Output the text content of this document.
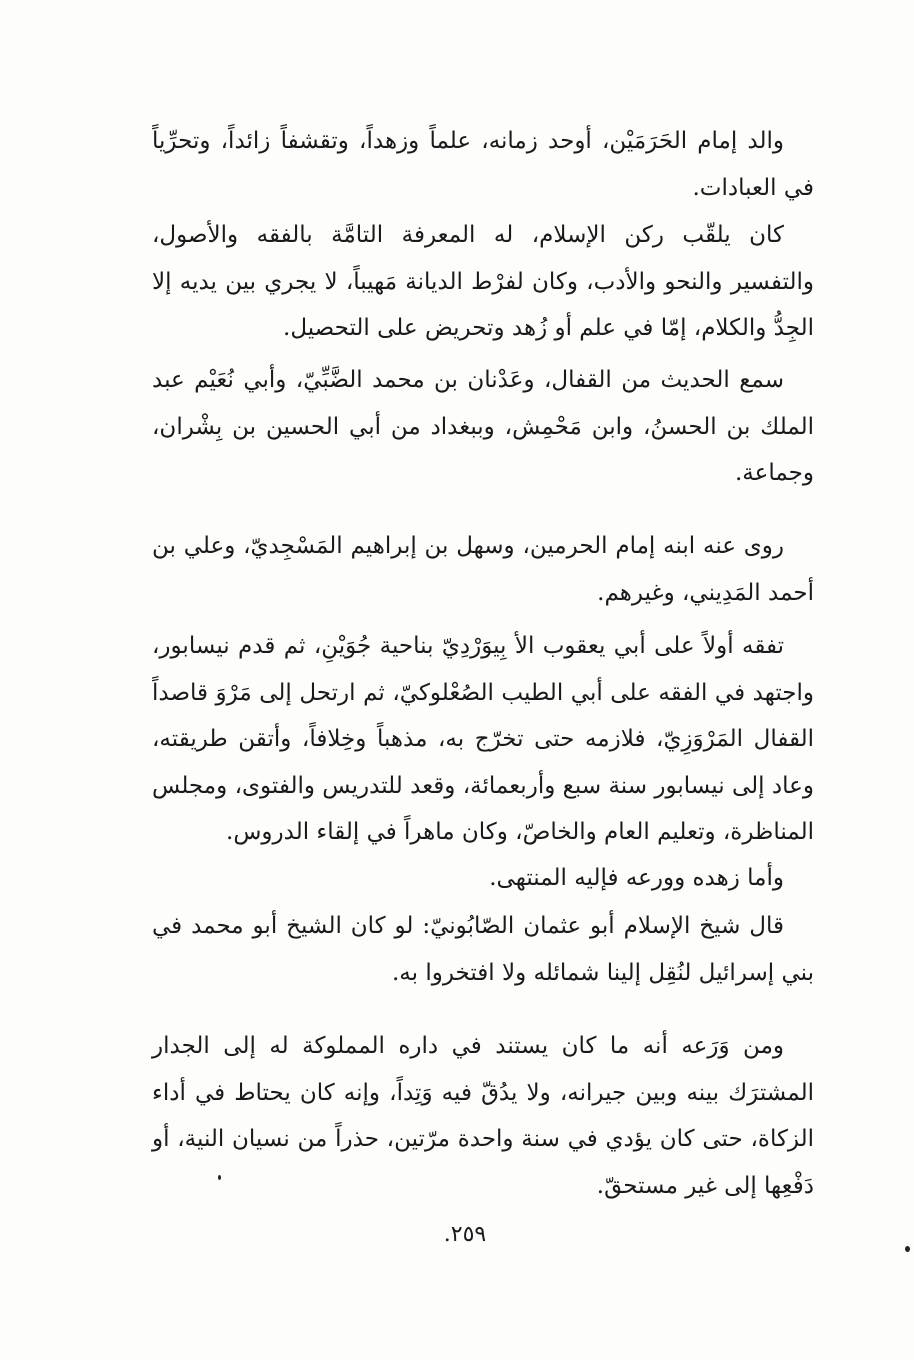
والد إمام الحَرَمَيْن، أوحد زمانه، علماً وزهداً، وتقشفاً زائداً، وتحرِّياً في العبادات.

كان يلقّب ركن الإسلام، له المعرفة التامَّة بالفقه والأصول، والتفسير والنحو والأدب، وكان لفرْط الديانة مَهيباً، لا يجري بين يديه إلا الجِدُّ والكلام، إمّا في علم أو زُهد وتحريض على التحصيل.

سمع الحديث من القفال، وعَدْنان بن محمد الضَّبِّيّ، وأبي نُعَيْم عبد الملك بن الحسنُ، وابن مَحْمِش، وببغداد من أبي الحسين بن بِشْران، وجماعة.

روى عنه ابنه إمام الحرمين، وسهل بن إبراهيم المَسْجِديّ، وعلي بن أحمد المَدِيني، وغيرهم.

تفقه أولاً على أبي يعقوب الأ بِيوَرْدِيّ بناحية جُوَيْنِ، ثم قدم نيسابور، واجتهد في الفقه على أبي الطيب الصُعْلوكيّ، ثم ارتحل إلى مَرْوَ قاصداً القفال المَرْوَزِيّ، فلازمه حتى تخرّج به، مذهباً وخِلافاً، وأتقن طريقته، وعاد إلى نيسابور سنة سبع وأربعمائة، وقعد للتدريس والفتوى، ومجلس المناظرة، وتعليم العام والخاصّ، وكان ماهراً في إلقاء الدروس.

وأما زهده وورعه فإليه المنتهى.

قال شيخ الإسلام أبو عثمان الصّابُونيّ: لو كان الشيخ أبو محمد في بني إسرائيل لنُقِل إلينا شمائله ولا افتخروا به.

ومن وَرَعه أنه ما كان يستند في داره المملوكة له إلى الجدار المشترَك بينه وبين جيرانه، ولا يدُقّ فيه وَتِداً، وإنه كان يحتاط في أداء الزكاة، حتى كان يؤدي في سنة واحدة مرّتين، حذراً من نسيان النية، أو دَفْعِها إلى غير مستحقّ.

٢٥٩.
